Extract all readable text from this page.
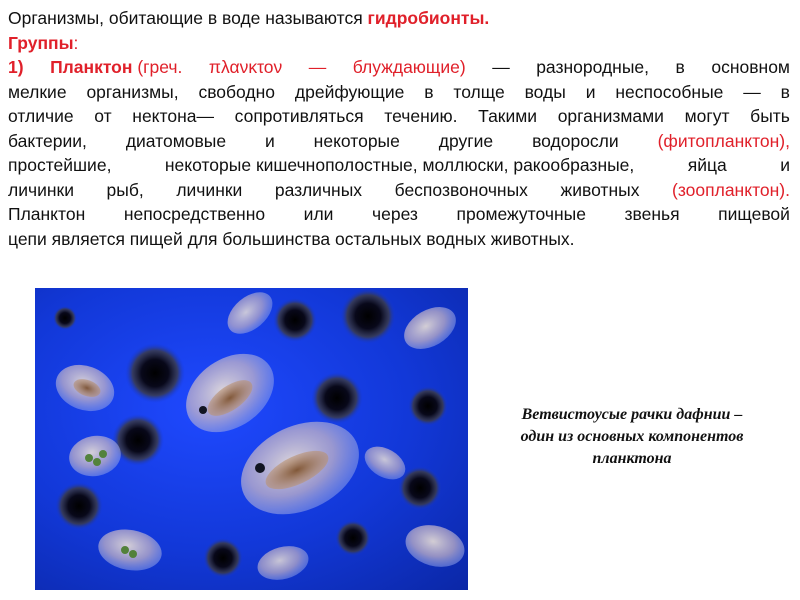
Организмы, обитающие в воде называются гидробионты.
Группы:
1) Планктон (греч. πλανκτον — блуждающие) — разнородные, в основном
мелкие организмы, свободно дрейфующие в толще воды и неспособные — в
отличие от нектона— сопротивляться течению. Такими организмами могут быть
бактерии, диатомовые и некоторые другие водоросли (фитопланктон),
простейшие,	некоторые кишечнополостные, моллюски, ракообразные,	яйца	и
личинки рыб, личинки различных беспозвоночных животных (зоопланктон).
Планктон непосредственно или через промежуточные звенья пищевой
цепи является пищей для большинства остальных водных животных.
Ветвистоусые рачки дафнии –
один из основных компонентов
планктона
